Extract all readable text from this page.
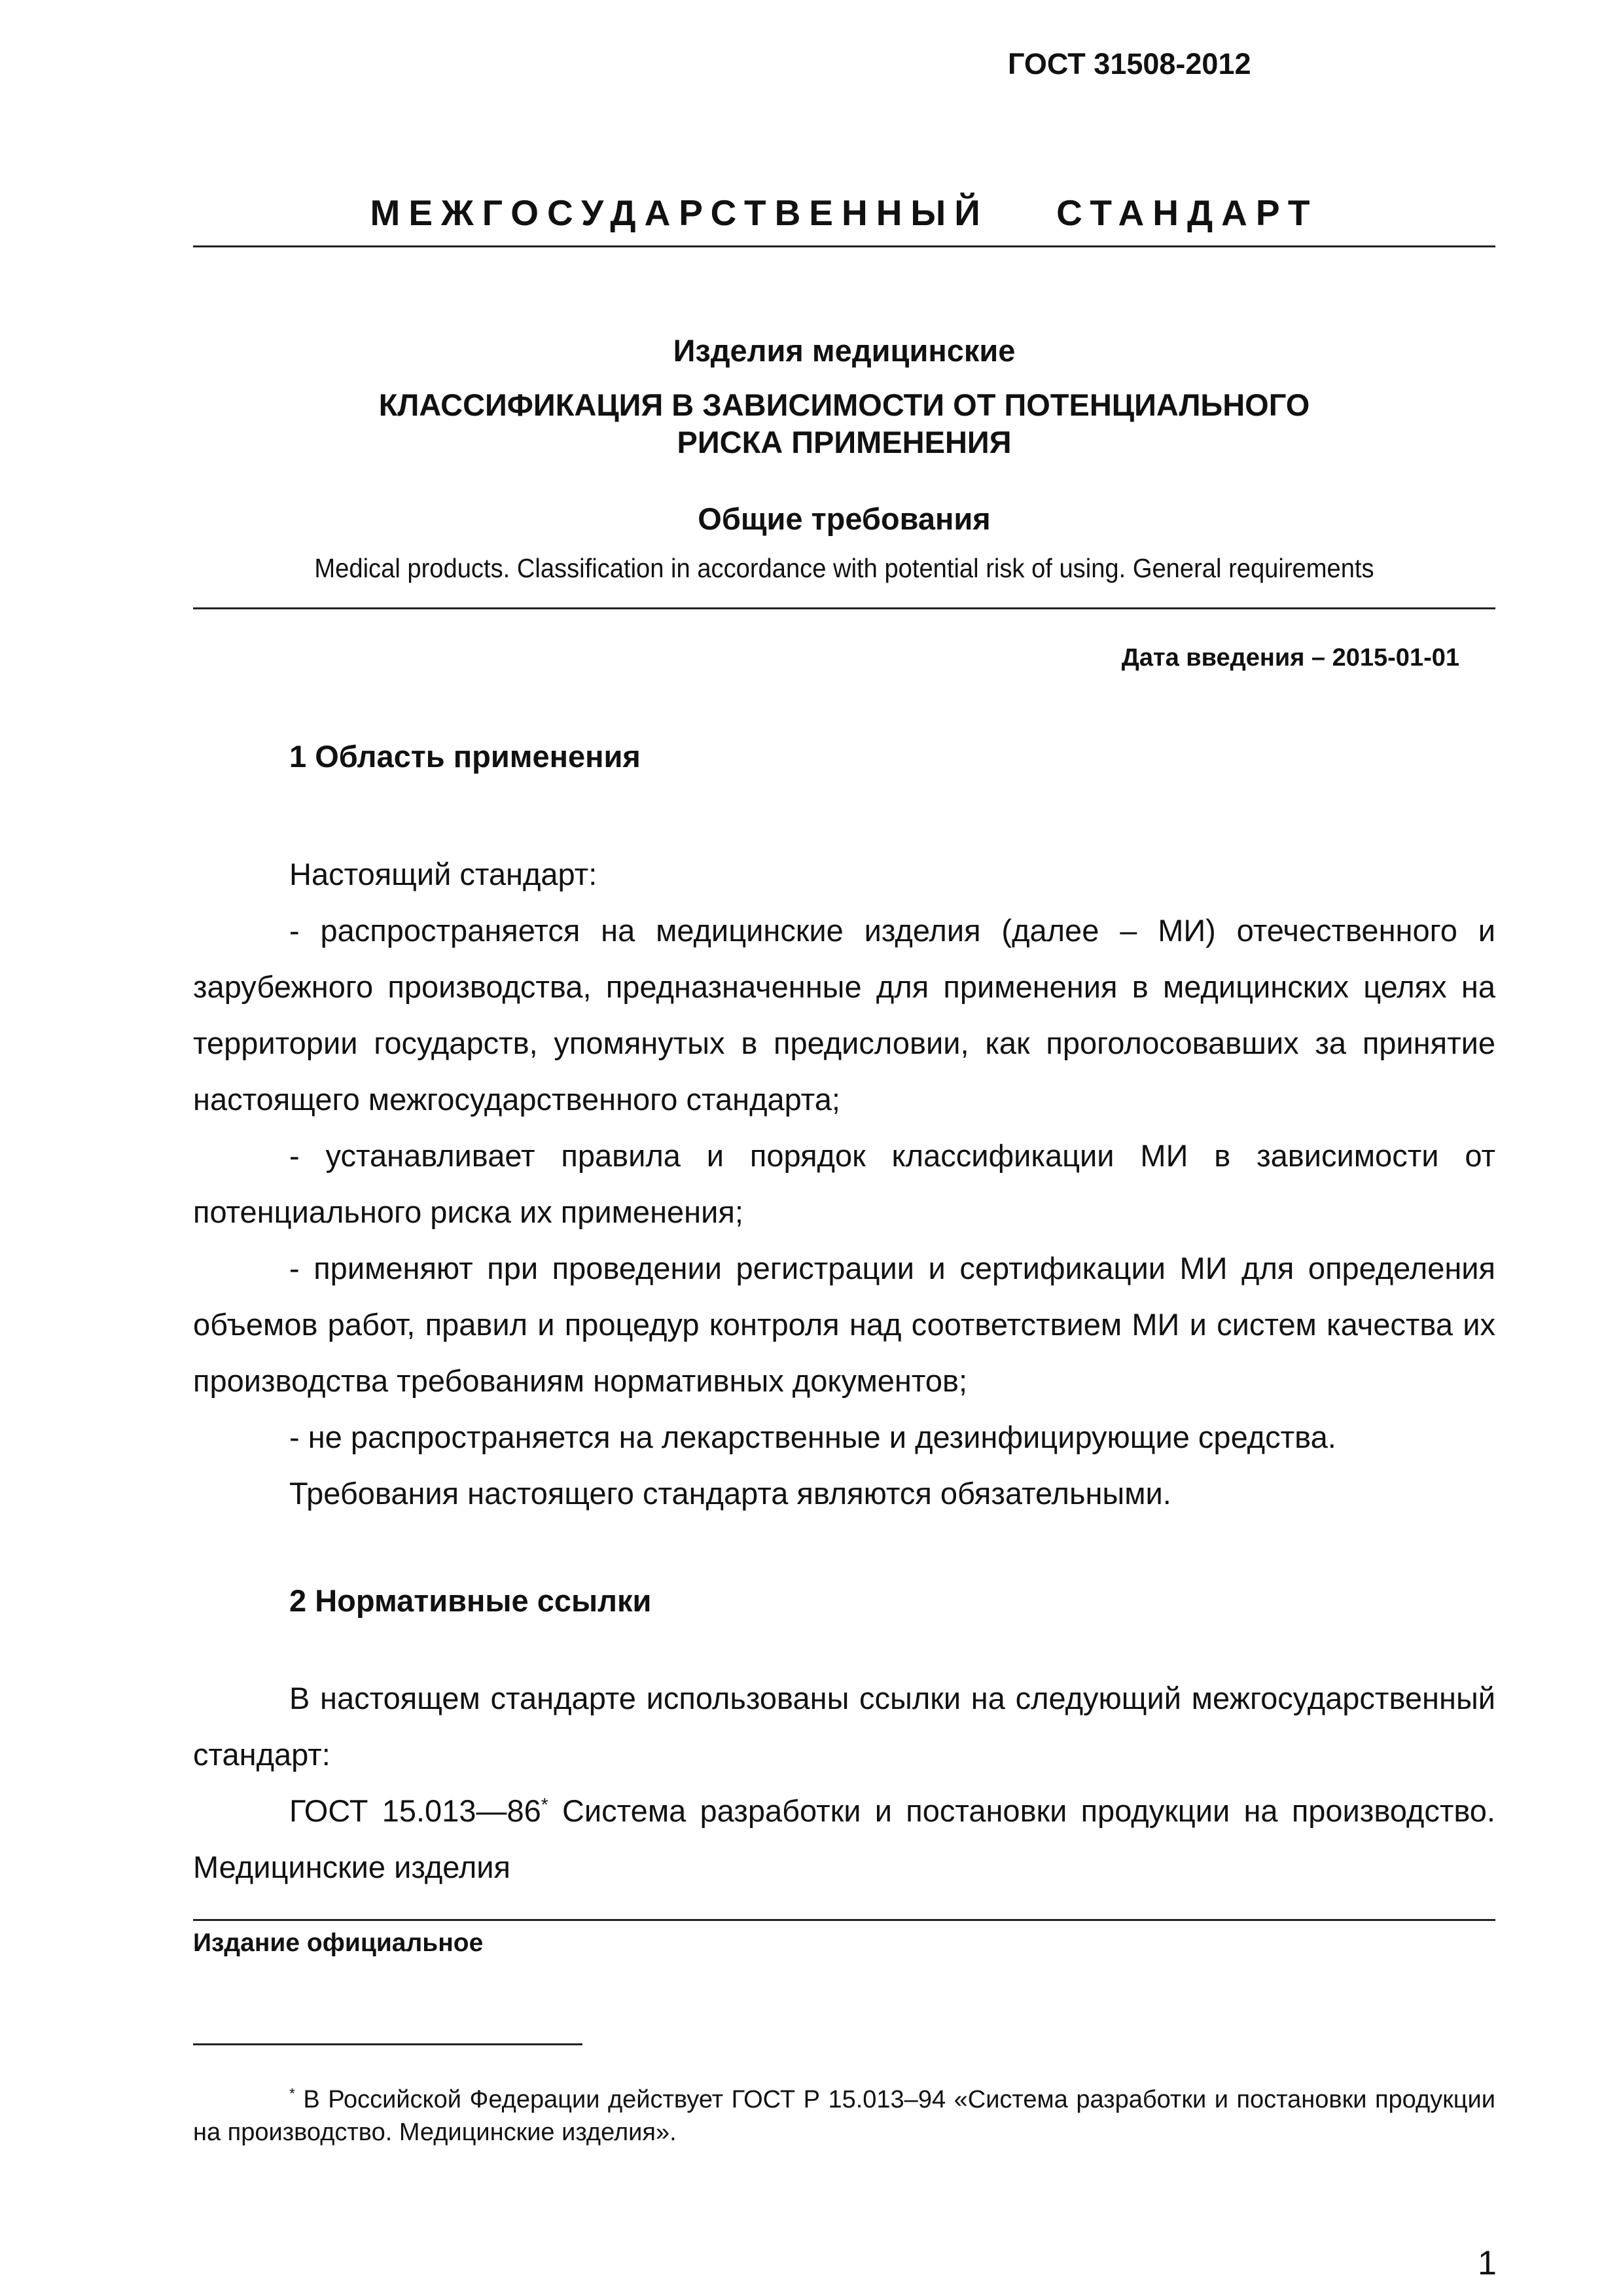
ГОСТ 31508-2012
МЕЖГОСУДАРСТВЕННЫЙ СТАНДАРТ
Изделия медицинские
КЛАССИФИКАЦИЯ В ЗАВИСИМОСТИ ОТ ПОТЕНЦИАЛЬНОГО
РИСКА ПРИМЕНЕНИЯ
Общие требования
Medical products. Classification in accordance with potential risk of using. General requirements
Дата введения – 2015-01-01
1 Область применения

Настоящий стандарт:

- распространяется на медицинские изделия (далее – МИ) отечественного и зарубежного производства, предназначенные для применения в медицинских целях на территории государств, упомянутых в предисловии, как проголосовавших за принятие настоящего межгосударственного стандарта;

- устанавливает правила и порядок классификации МИ в зависимости от потенциального риска их применения;

- применяют при проведении регистрации и сертификации МИ для определения объемов работ, правил и процедур контроля над соответствием МИ и систем качества их производства требованиям нормативных документов;

- не распространяется на лекарственные и дезинфицирующие средства.

Требования настоящего стандарта являются обязательными.

2 Нормативные ссылки

В настоящем стандарте использованы ссылки на следующий межгосударственный стандарт:

ГОСТ 15.013—86* Система разработки и постановки продукции на производство. Медицинские изделия

Издание официальное
* В Российской Федерации действует ГОСТ Р 15.013–94 «Система разработки и постановки продукции на производство. Медицинские изделия».
1
